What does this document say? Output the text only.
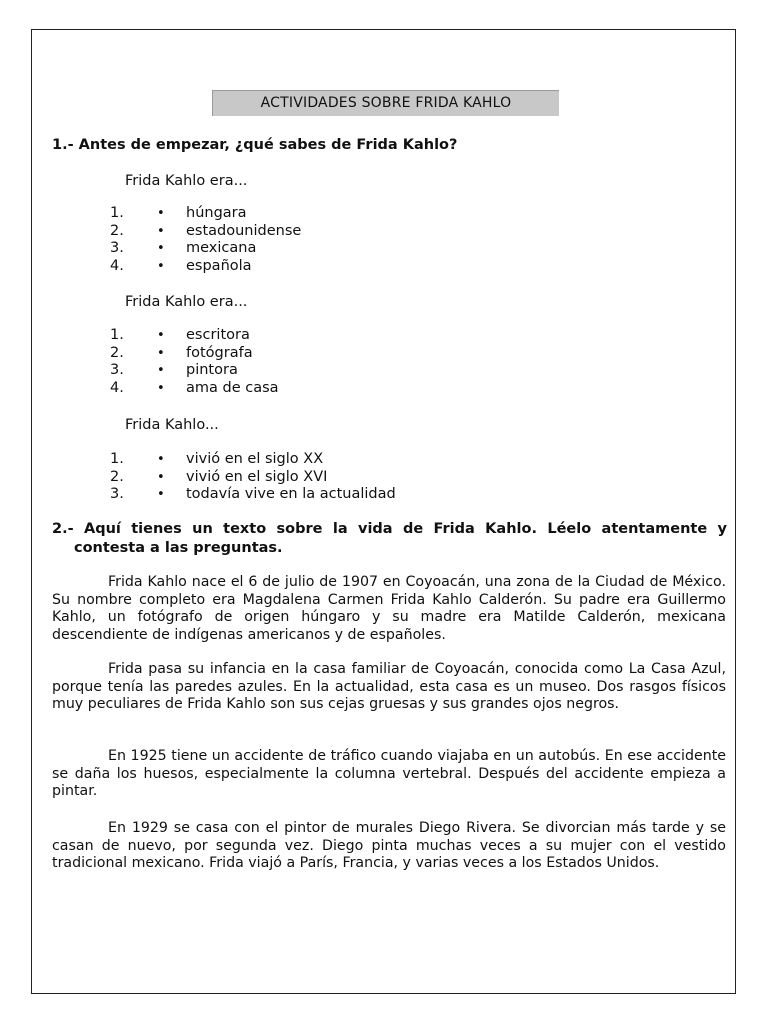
ACTIVIDADES SOBRE FRIDA KAHLO
1.- Antes de empezar, ¿qué sabes de Frida Kahlo?
Frida Kahlo era...
1.	• húngara
2.	• estadounidense
3.	• mexicana
4.	• española
Frida Kahlo era...
1.	• escritora
2.	• fotógrafa
3.	• pintora
4.	• ama de casa
Frida Kahlo...
1.	• vivió en el siglo XX
2.	• vivió en el siglo XVI
3.	• todavía vive en la actualidad
2.- Aquí tienes un texto sobre la vida de Frida Kahlo. Léelo atentamente y
contesta a las preguntas.

Frida Kahlo nace el 6 de julio de 1907 en Coyoacán, una zona de la Ciudad de México. Su nombre completo era Magdalena Carmen Frida Kahlo Calderón. Su padre era Guillermo Kahlo, un fotógrafo de origen húngaro y su madre era Matilde Calderón, mexicana descendiente de indígenas americanos y de españoles.

Frida pasa su infancia en la casa familiar de Coyoacán, conocida como La Casa Azul, porque tenía las paredes azules. En la actualidad, esta casa es un museo. Dos rasgos físicos muy peculiares de Frida Kahlo son sus cejas gruesas y sus grandes ojos negros.

En 1925 tiene un accidente de tráfico cuando viajaba en un autobús. En ese accidente se daña los huesos, especialmente la columna vertebral. Después del accidente empieza a pintar.

En 1929 se casa con el pintor de murales Diego Rivera. Se divorcian más tarde y se casan de nuevo, por segunda vez. Diego pinta muchas veces a su mujer con el vestido tradicional mexicano. Frida viajó a París, Francia, y varias veces a los Estados Unidos.
